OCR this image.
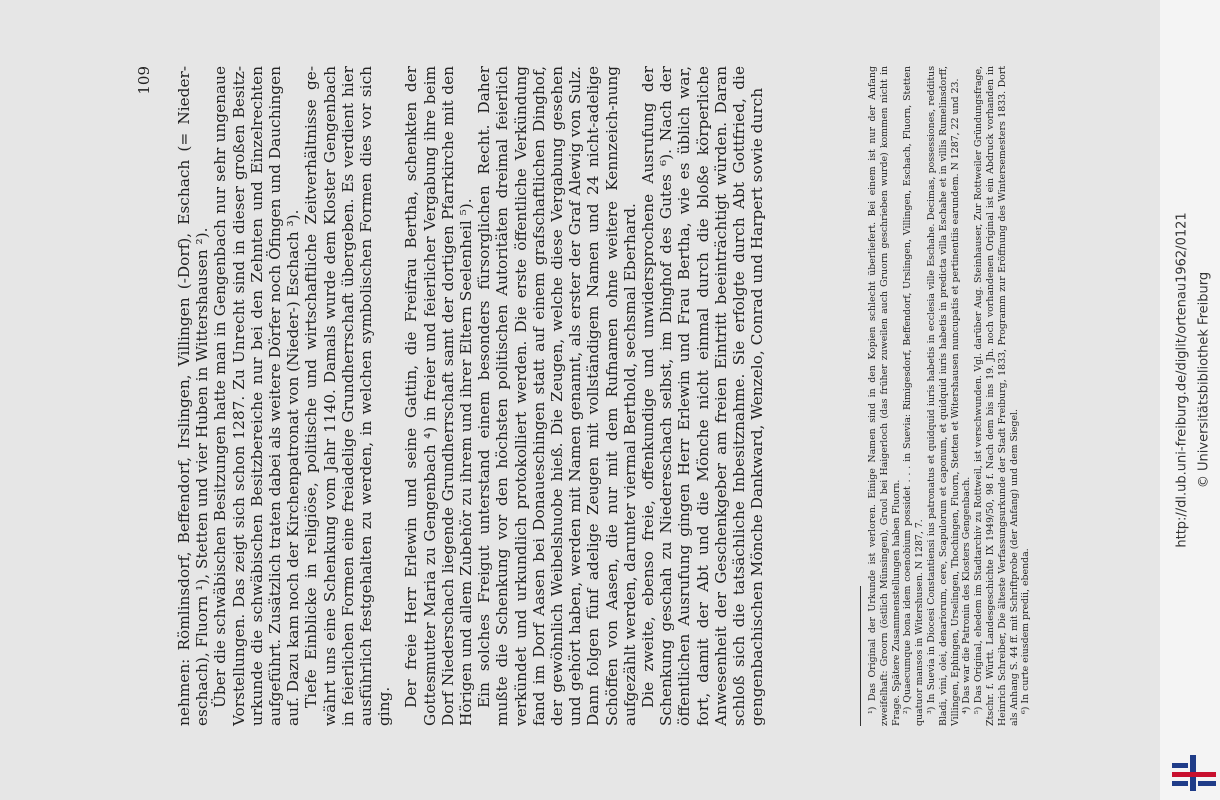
109 nehmen: Römlinsdorf, Beffendorf, Irslingen, Villingen (-Dorf), Eschach (= Nieder-eschach), Fluorn ¹), Stetten und vier Huben in Wittershausen ²). Über die schwäbischen Besitzungen hatte man in Gengenbach nur sehr ungenaue Vorstellungen. Das zeigt sich schon 1287. Zu Unrecht sind in dieser großen Besitz-urkunde die schwäbischen Besitzbereiche nur bei den Zehnten und Einzelrechten aufgeführt. Zusätzlich traten dabei als weitere Dörfer noch Öfingen und Dauchingen auf. Dazu kam noch der Kirchenpatronat von (Nieder-) Eschach ³). Tiefe Einblicke in religiöse, politische und wirtschaftliche Zeitverhältnisse ge-währt uns eine Schenkung vom Jahr 1140. Damals wurde dem Kloster Gengenbach in feierlichen Formen eine freiadelige Grundherrschaft übergeben. Es verdient hier ausführlich festgehalten zu werden, in welchen symbolischen Formen dies vor sich ging. Der freie Herr Erlewin und seine Gattin, die Freifrau Bertha, schenkten der Gottesmutter Maria zu Gengenbach ⁴) in freier und feierlicher Vergabung ihre beim Dorf Niederschach liegende Grundherrschaft samt der dortigen Pfarrkirche mit den Hörigen und allem Zubehör zu ihrem und ihrer Eltern Seelenheil ⁵). Ein solches Freigut unterstand einem besonders fürsorglichen Recht. Daher mußte die Schenkung vor den höchsten politischen Autoritäten dreimal feierlich verkündet und urkundlich protokolliert werden. Die erste öffentliche Verkündung fand im Dorf Aasen bei Donaueschingen statt auf einem grafschaftlichen Dinghof, der gewöhnlich Weibelshuobe hieß. Die Zeugen, welche diese Vergabung gesehen und gehört haben, werden mit Namen genannt, als erster der Graf Alewig von Sulz. Dann folgen fünf adelige Zeugen mit vollständigem Namen und 24 nicht-adelige Schöffen von Aasen, die nur mit dem Rufnamen ohne weitere Kennzeich-nung aufgezählt werden, darunter viermal Berthold, sechsmal Eberhard. Die zweite, ebenso freie, offenkundige und unwidersprochene Ausrufung der Schenkung geschah zu Niedereschach selbst, im Dinghof des Gutes ⁶). Nach der öffentlichen Ausrufung gingen Herr Erlewin und Frau Bertha, wie es üblich war, fort, damit der Abt und die Mönche nicht einmal durch die bloße körperliche Anwesenheit der Geschenkgeber am freien Eintritt beeinträchtigt würden. Daran schloß sich die tatsächliche Inbesitznahme. Sie erfolgte durch Abt Gottfried, die gengenbachischen Mönche Dankward, Wenzelo, Conrad und Harpert sowie durch	¹) Das Original der Urkunde ist verloren. Einige Namen sind in den Kopien schlecht überliefert. Bei einem ist nur der Anfang zweifelhaft: Groorn (östlich Münsingen), Gruol bei Haigerloch (das früher zuweilen auch Gruorn geschrieben wurde) kommen nicht in Frage. Spätere Zusammenstellungen haben Fluorn. ²) Quaecumque bona idem coenobium possidet . . . in Suevia: Rimigesdorf, Beffendorf, Urslingen, Villingen, Eschach, Fluorn, Stetten quatuor mansos in Witershusen. N 1287, 7. ³) In Suevia in Diocesi Constantiensi ius patronatus et quidquid iuris habetis in ecclesia ville Eschahe. Decimas, possessiones, redditus Bladi, vini, olei, denariorum, cere, Scapulorum et caponum, et quidquid iuris habetis in predicta villa Eschahe et in villis Rumelinsdorff, Villingen, Ephingen, Urselingen, Thochingen, Fluorn, Stetten et Witershausen nuncupatis et pertinentiis earundem. N 1287, 22 und 23. ⁴) Das war die Patronin des Klosters Gengenbach. ⁵) Das Original, ehedem im Stadtarchiv zu Rottweil, ist verschwunden. Vgl. darüber Aug. Steinhauser, Zur Rottweiler Gründungsfrage, Ztschr. f. Württ. Landesgeschichte IX 1949/50, 98 f. Nach dem bis ins 19. Jh. noch vorhandenen Original ist ein Abdruck vorhanden in Heinrich Schreiber, Die älteste Verfassungsurkunde der Stadt Freiburg, 1833, Programm zur Eröffnung des Wintersemesters 1833. Dort als Anhang S. 44 ff. mit Schriftprobe (der Anfang) und dem Siegel. ⁶) In curte eiusdem predii, ebenda.

http://dl.ub.uni-freiburg.de/diglit/ortenau1962/0121 © Universitätsbibliothek Freiburg
